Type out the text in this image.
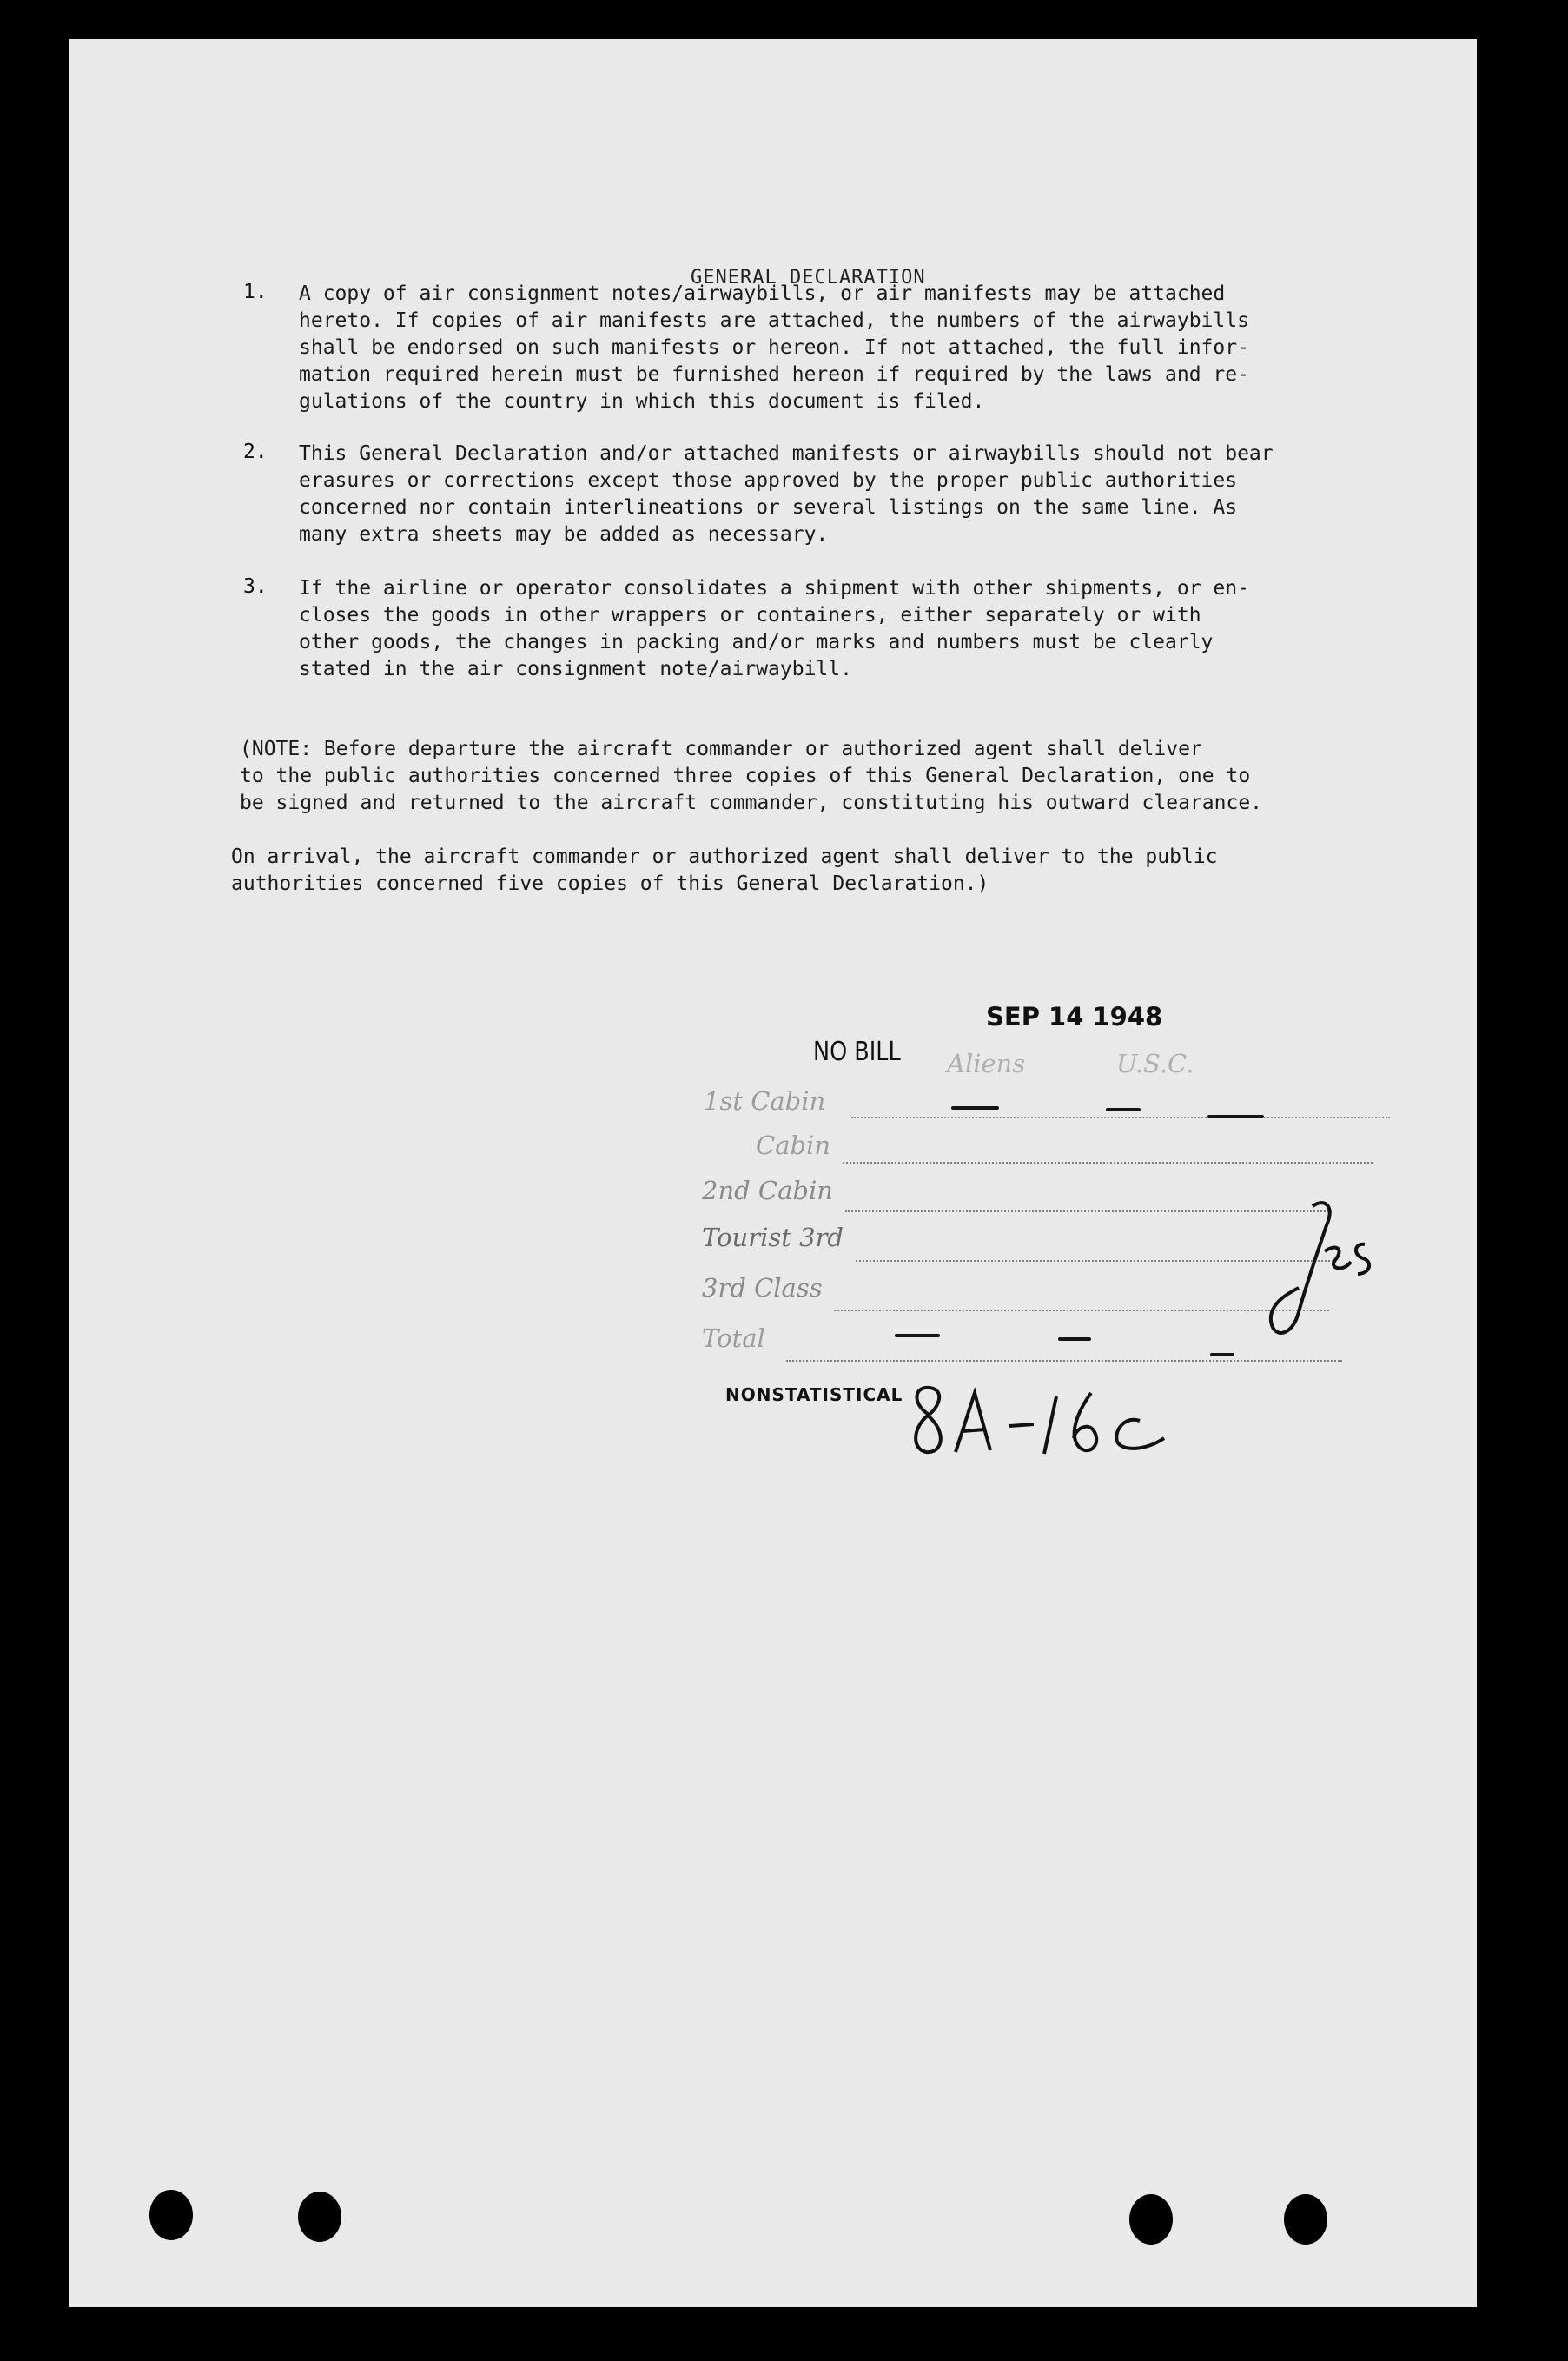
GENERAL DECLARATION
1. A copy of air consignment notes/airwaybills, or air manifests may be attached
hereto. If copies of air manifests are attached, the numbers of the airwaybills
shall be endorsed on such manifests or hereon. If not attached, the full infor-
mation required herein must be furnished hereon if required by the laws and re-
gulations of the country in which this document is filed.
2. This General Declaration and/or attached manifests or airwaybills should not bear
erasures or corrections except those approved by the proper public authorities
concerned nor contain interlineations or several listings on the same line. As
many extra sheets may be added as necessary.
3. If the airline or operator consolidates a shipment with other shipments, or en-
closes the goods in other wrappers or containers, either separately or with
other goods, the changes in packing and/or marks and numbers must be clearly
stated in the air consignment note/airwaybill.
(NOTE: Before departure the aircraft commander or authorized agent shall deliver
to the public authorities concerned three copies of this General Declaration, one to
be signed and returned to the aircraft commander, constituting his outward clearance.
On arrival, the aircraft commander or authorized agent shall deliver to the public
authorities concerned five copies of this General Declaration.)
SEP 14 1948
NO BILL Aliens	U.S.C.
1st Cabin
Cabin
2nd Cabin
Tourist 3rd
3rd Class
Total
NONSTATISTICAL
